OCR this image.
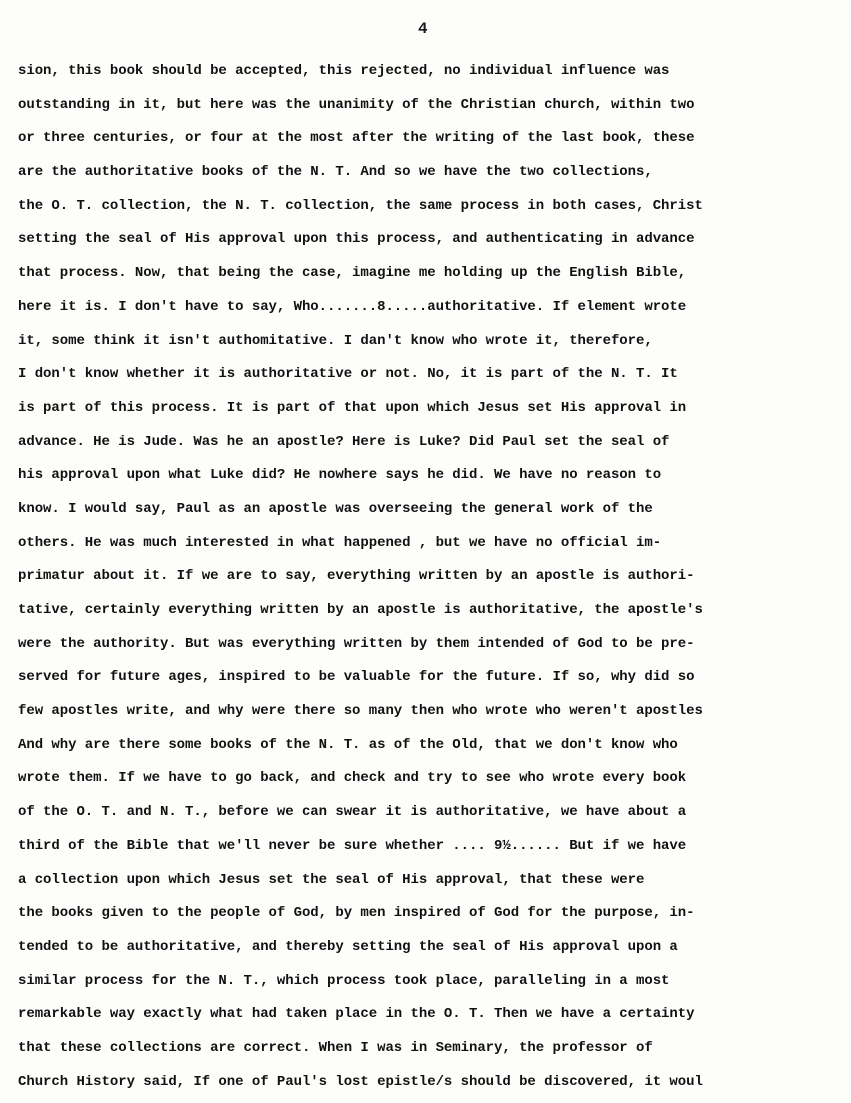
4
sion, this book should be accepted, this rejected, no individual influence was
outstanding in it, but here was the unanimity of the Christian church, within two
or three centuries, or four at the most after the writing of the last book, these
are the authoritative books of the N. T. And so we have the two collections,
the O. T. collection, the N. T. collection, the same process in both cases, Christ
setting the seal of His approval upon this process, and authenticating in advance
that process. Now, that being the case, imagine me holding up the English Bible,
here it is. I don't have to say, Who.......8.....authoritative. If element wrote
it, some think it isn't authomitative. I dan't know who wrote it, therefore,
I don't know whether it is authoritative or not. No, it is part of the N. T. It
is part of this process. It is part of that upon which Jesus set His approval in
advance. He is Jude. Was he an apostle? Here is Luke? Did Paul set the seal of
his approval upon what Luke did? He nowhere says he did. We have no reason to
know. I would say, Paul as an apostle was overseeing the general work of the
others. He was much interested in what happened , but we have no official im-
primatur about it. If we are to say, everything written by an apostle is authori-
tative, certainly everything written by an apostle is authoritative, the apostle's
were the authority. But was everything written by them intended of God to be pre-
served for future ages, inspired to be valuable for the future. If so, why did so
few apostles write, and why were there so many then who wrote who weren't apostles
And why are there some books of the N. T. as of the Old, that we don't know who
wrote them. If we have to go back, and check and try to see who wrote every book
of the O. T. and N. T., before we can swear it is authoritative, we have about a
third of the Bible that we'll never be sure whether .... 9½...... But if we have
a collection upon which Jesus set the seal of His approval, that these were
the books given to the people of God, by men inspired of God for the purpose, in-
tended to be authoritative, and thereby setting the seal of His approval upon a
similar process for the N. T., which process took place, paralleling in a most
remarkable way exactly what had taken place in the O. T. Then we have a certainty
that these collections are correct. When I was in Seminary, the professor of
Church History said, If one of Paul's lost epistle/s should be discovered, it woul
